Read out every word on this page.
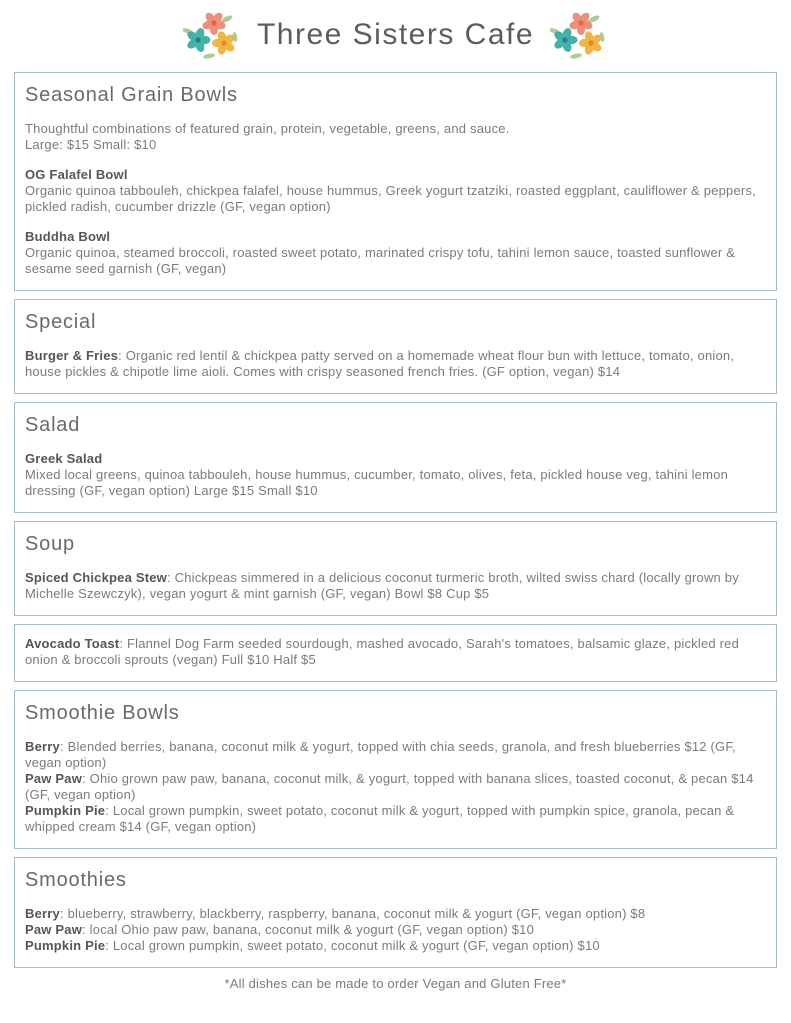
Three Sisters Cafe
Seasonal Grain Bowls
Thoughtful combinations of featured grain, protein, vegetable, greens, and sauce.
Large: $15 Small: $10
OG Falafel Bowl
Organic quinoa tabbouleh, chickpea falafel, house hummus, Greek yogurt tzatziki, roasted eggplant, cauliflower & peppers, pickled radish, cucumber drizzle (GF, vegan option)
Buddha Bowl
Organic quinoa, steamed broccoli, roasted sweet potato, marinated crispy tofu, tahini lemon sauce, toasted sunflower & sesame seed garnish (GF, vegan)
Special
Burger & Fries: Organic red lentil & chickpea patty served on a homemade wheat flour bun with lettuce, tomato, onion, house pickles & chipotle lime aioli. Comes with crispy seasoned french fries. (GF option, vegan) $14
Salad
Greek Salad
Mixed local greens, quinoa tabbouleh, house hummus, cucumber, tomato, olives, feta, pickled house veg, tahini lemon dressing (GF, vegan option) Large $15 Small $10
Soup
Spiced Chickpea Stew: Chickpeas simmered in a delicious coconut turmeric broth, wilted swiss chard (locally grown by Michelle Szewczyk), vegan yogurt & mint garnish (GF, vegan) Bowl $8 Cup $5
Avocado Toast: Flannel Dog Farm seeded sourdough, mashed avocado, Sarah's tomatoes, balsamic glaze, pickled red onion & broccoli sprouts (vegan) Full $10 Half $5
Smoothie Bowls
Berry: Blended berries, banana, coconut milk & yogurt, topped with chia seeds, granola, and fresh blueberries $12 (GF, vegan option)
Paw Paw: Ohio grown paw paw, banana, coconut milk, & yogurt, topped with banana slices, toasted coconut, & pecan $14 (GF, vegan option)
Pumpkin Pie: Local grown pumpkin, sweet potato, coconut milk & yogurt, topped with pumpkin spice, granola, pecan & whipped cream $14 (GF, vegan option)
Smoothies
Berry: blueberry, strawberry, blackberry, raspberry, banana, coconut milk & yogurt (GF, vegan option) $8
Paw Paw: local Ohio paw paw, banana, coconut milk & yogurt (GF, vegan option) $10
Pumpkin Pie: Local grown pumpkin, sweet potato, coconut milk & yogurt (GF, vegan option) $10
*All dishes can be made to order Vegan and Gluten Free*
